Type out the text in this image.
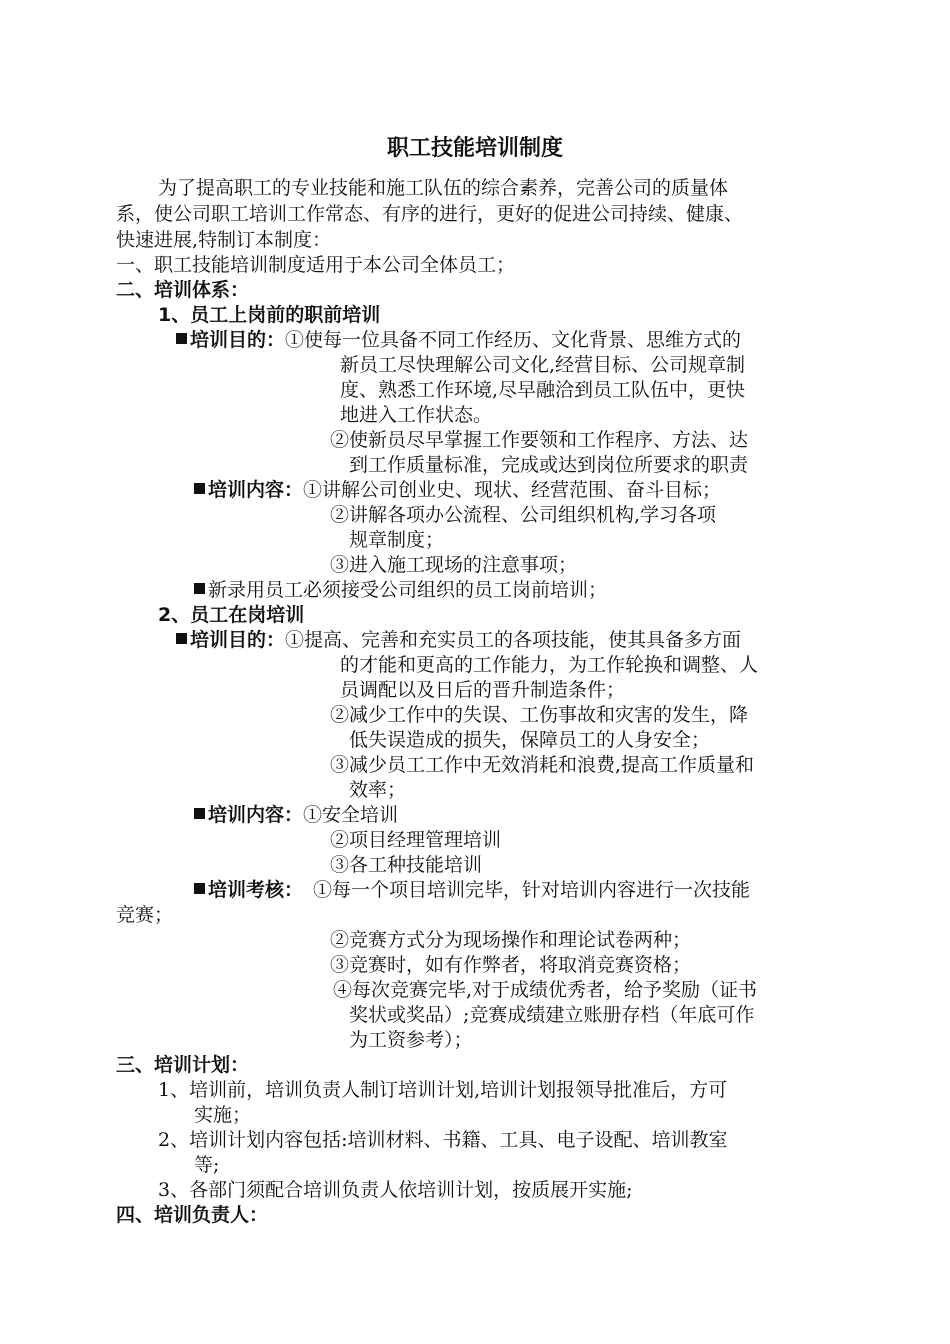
职工技能培训制度
为了提高职工的专业技能和施工队伍的综合素养，完善公司的质量体
系，使公司职工培训工作常态、有序的进行，更好的促进公司持续、健康、
快速进展,特制订本制度：
一、职工技能培训制度适用于本公司全体员工；
二、培训体系：
1、员工上岗前的职前培训
培训目的：①使每一位具备不同工作经历、文化背景、思维方式的
新员工尽快理解公司文化,经营目标、公司规章制
度、熟悉工作环境,尽早融洽到员工队伍中，更快
地进入工作状态。
②使新员尽早掌握工作要领和工作程序、方法、达
到工作质量标准，完成或达到岗位所要求的职责
培训内容：①讲解公司创业史、现状、经营范围、奋斗目标；
②讲解各项办公流程、公司组织机构,学习各项
规章制度；
③进入施工现场的注意事项；
新录用员工必须接受公司组织的员工岗前培训；
2、员工在岗培训
培训目的：①提高、完善和充实员工的各项技能，使其具备多方面
的才能和更高的工作能力，为工作轮换和调整、人
员调配以及日后的晋升制造条件；
②减少工作中的失误、工伤事故和灾害的发生，降
低失误造成的损失，保障员工的人身安全；
③减少员工工作中无效消耗和浪费,提高工作质量和
效率；
培训内容：①安全培训
②项目经理管理培训
③各工种技能培训
培训考核： ①每一个项目培训完毕，针对培训内容进行一次技能
竞赛；
②竞赛方式分为现场操作和理论试卷两种；
③竞赛时，如有作弊者，将取消竞赛资格；
④每次竞赛完毕,对于成绩优秀者，给予奖励（证书
奖状或奖品）;竞赛成绩建立账册存档（年底可作
为工资参考）；
三、培训计划：
1、培训前，培训负责人制订培训计划,培训计划报领导批准后，方可
实施；
2、培训计划内容包括:培训材料、书籍、工具、电子设配、培训教室
等;
3、各部门须配合培训负责人依培训计划，按质展开实施;
四、培训负责人：
